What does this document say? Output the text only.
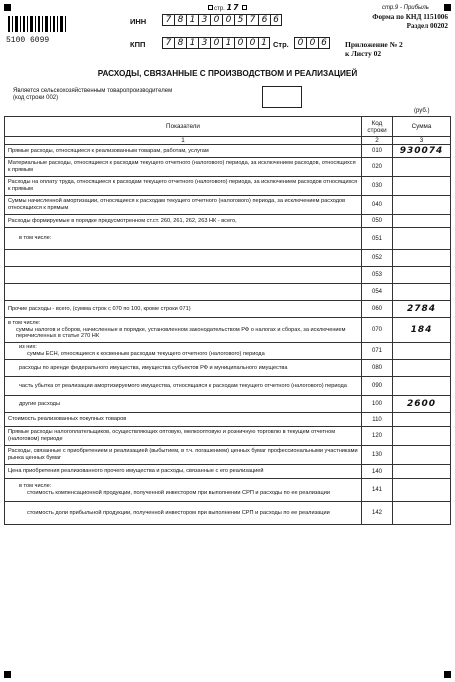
стр. 17	стр.9 - Прибыль
5100 6099
ИНН	7 8 1 3 0 0 5 7 6 6
КПП	7 8 1 3 0 1 0 0 1 Стр. 0 0 6
Форма по КНД 1151006
Раздел 00202
Приложение № 2
к Листу 02
РАСХОДЫ, СВЯЗАННЫЕ С ПРОИЗВОДСТВОМ И РЕАЛИЗАЦИЕЙ
Является сельскохозяйственным товаропроизводителем
(код строки 002)
(руб.)
Показатели	Код строки	Сумма
1	2	3

Прямые расходы, относящиеся к реализованным товарам, работам, услугам	010	930074

Материальные расходы, относящиеся к расходам текущего отчетного (налогового) периода, за исключением расходов, относящихся к прямым	020	

Расходы на оплату труда, относящиеся к расходам текущего отчетного (налогового) периода, за исключением расходов относящихся к прямым	030	

Суммы начисленной амортизации, относящиеся к расходам текущего отчетного (налогового) периода, за исключением расходов относящихся к прямым	040	

Расходы формируемые в порядке предусмотренном ст.ст. 260, 261, 262, 263 НК - всего,	050	

в том числе:	051	

	052	

	053	

	054	

Прочие расходы - всего, (сумма строк с 070 по 100, кроме строки 071)	060	2784

в том числе:
суммы налогов и сборов, начисленные в порядке, установленном законодательством РФ о налогах и сборах, за исключением перечисленных в статье 270 НК	070	184

из них:
суммы ЕСН, относящиеся к косвенным расходам текущего отчетного (налогового) периода	071	

расходы по аренде федерального имущества, имущества субъектов РФ и муниципального имущества	080	

часть убытка от реализации амортизируемого имущества, относящаяся к расходам текущего отчетного (налогового) периода	090	

другие расходы	100	2600

Стоимость реализованных покупных товаров	110	

Прямые расходы налогоплательщиков, осуществляющих оптовую, мелкооптовую и розничную торговлю в текущем отчетном (налоговом) периоде	120	

Расходы, связанные с приобретением и реализацией (выбытием, в т.ч. погашением) ценных бумаг профессиональными участниками рынка ценных бумаг	130	

Цена приобретения реализованного прочего имущества и расходы, связанные с его реализацией	140	

в том числе:
стоимость компенсационной продукции, полученной инвестором при выполнении СРП и расходы по ее реализации	141	

стоимость доли прибыльной продукции, полученной инвестором при выполнении СРП и расходы по ее реализации	142	
